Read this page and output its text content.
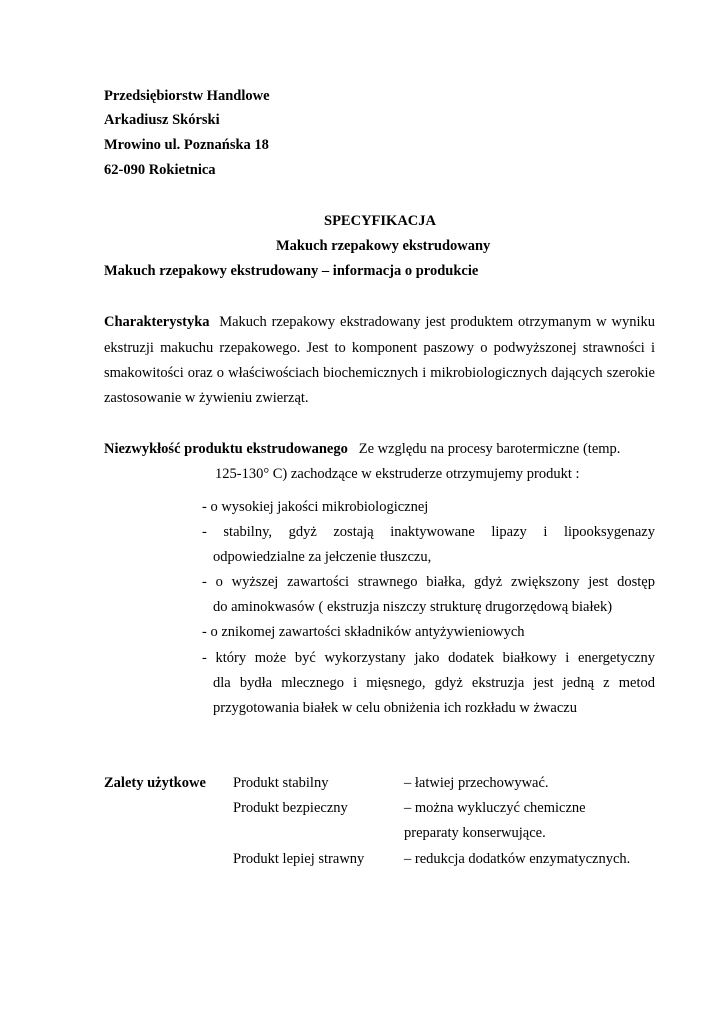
Przedsiębiorstw Handlowe
Arkadiusz Skórski
Mrowino ul. Poznańska 18
62-090 Rokietnica
SPECYFIKACJA
Makuch rzepakowy ekstrudowany
Makuch rzepakowy ekstrudowany – informacja o produkcie
Charakterystyka Makuch rzepakowy ekstradowany jest produktem otrzymanym w wyniku
ekstruzji makuchu rzepakowego. Jest to komponent paszowy o podwyższonej strawności i
smakowitości oraz o właściwościach biochemicznych i mikrobiologicznych dających szerokie
zastosowanie w żywieniu zwierząt.
Niezwykłość produktu ekstrudowanego Ze względu na procesy barotermiczne (temp.
125-130° C) zachodzące w ekstruderze otrzymujemy produkt :
- o wysokiej jakości mikrobiologicznej
- stabilny, gdyż zostają inaktywowane lipazy i lipooksygenazy
odpowiedzialne za jełczenie tłuszczu,
- o wyższej zawartości strawnego białka, gdyż zwiększony jest dostęp
do aminokwasów ( ekstruzja niszczy strukturę drugorzędową białek)
- o znikomej zawartości składników antyżywieniowych
- który może być wykorzystany jako dodatek białkowy i energetyczny
dla bydła mlecznego i mięsnego, gdyż ekstruzja jest jedną z metod
przygotowania białek w celu obniżenia ich rozkładu w żwaczu
Zalety użytkowe Produkt stabilny	– łatwiej przechowywać.
Produkt bezpieczny	– można wykluczyć chemiczne
preparaty konserwujące.
Produkt lepiej strawny	– redukcja dodatków enzymatycznych.
